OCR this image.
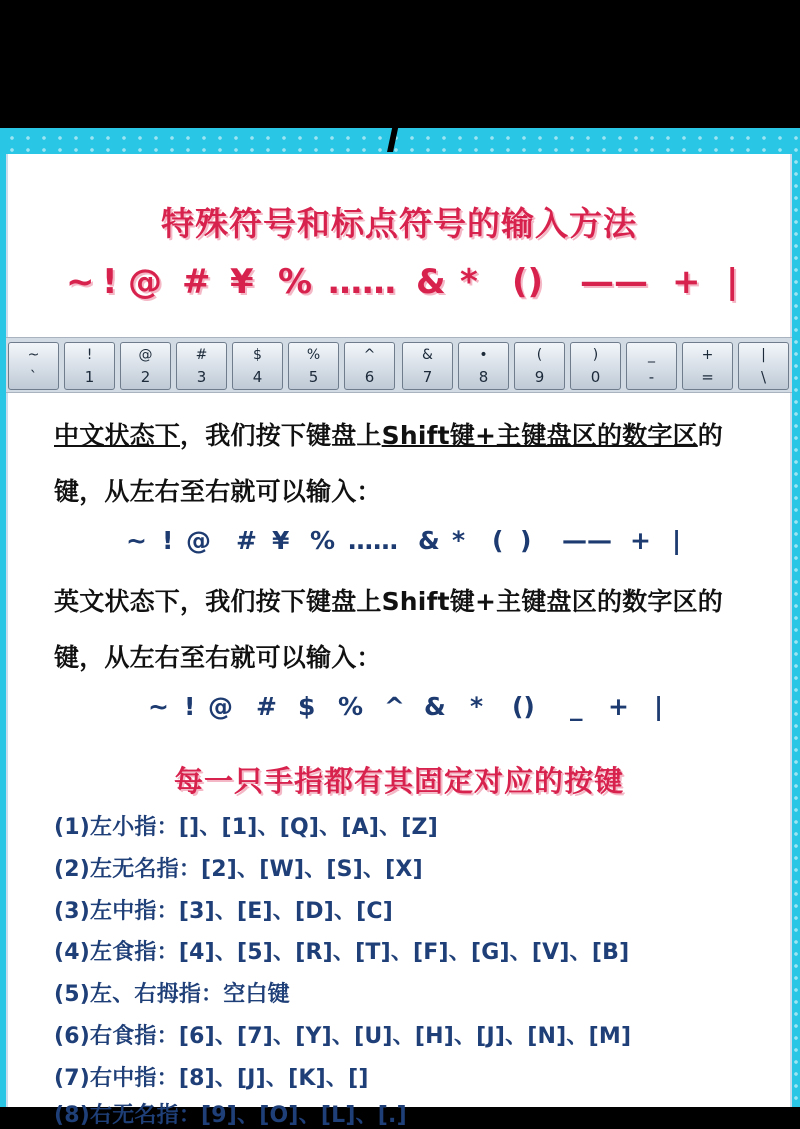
特殊符号和标点符号的输入方法
~ ! @ # ¥ % …… & * () —— + |
~
`
!
1
@
2
#
3
$
4
%
5
^
6
&
7
•
8
(
9
)
0
_
-
+
=
|
\
中文状态下，我们按下键盘上Shift键+主键盘区的数字区的
键，从左右至右就可以输入：
~ ! @ # ¥ % …… & * ( ) —— + |
英文状态下，我们按下键盘上Shift键+主键盘区的数字区的
键，从左右至右就可以输入：
~ ! @ # $ % ^ & * () _ + |
每一只手指都有其固定对应的按键
(1)左小指：[]、[1]、[Q]、[A]、[Z]
(2)左无名指：[2]、[W]、[S]、[X]
(3)左中指：[3]、[E]、[D]、[C]
(4)左食指：[4]、[5]、[R]、[T]、[F]、[G]、[V]、[B]
(5)左、右拇指：空白键
(6)右食指：[6]、[7]、[Y]、[U]、[H]、[J]、[N]、[M]
(7)右中指：[8]、[J]、[K]、[]
(8)右无名指：[9]、[O]、[L]、[.]
